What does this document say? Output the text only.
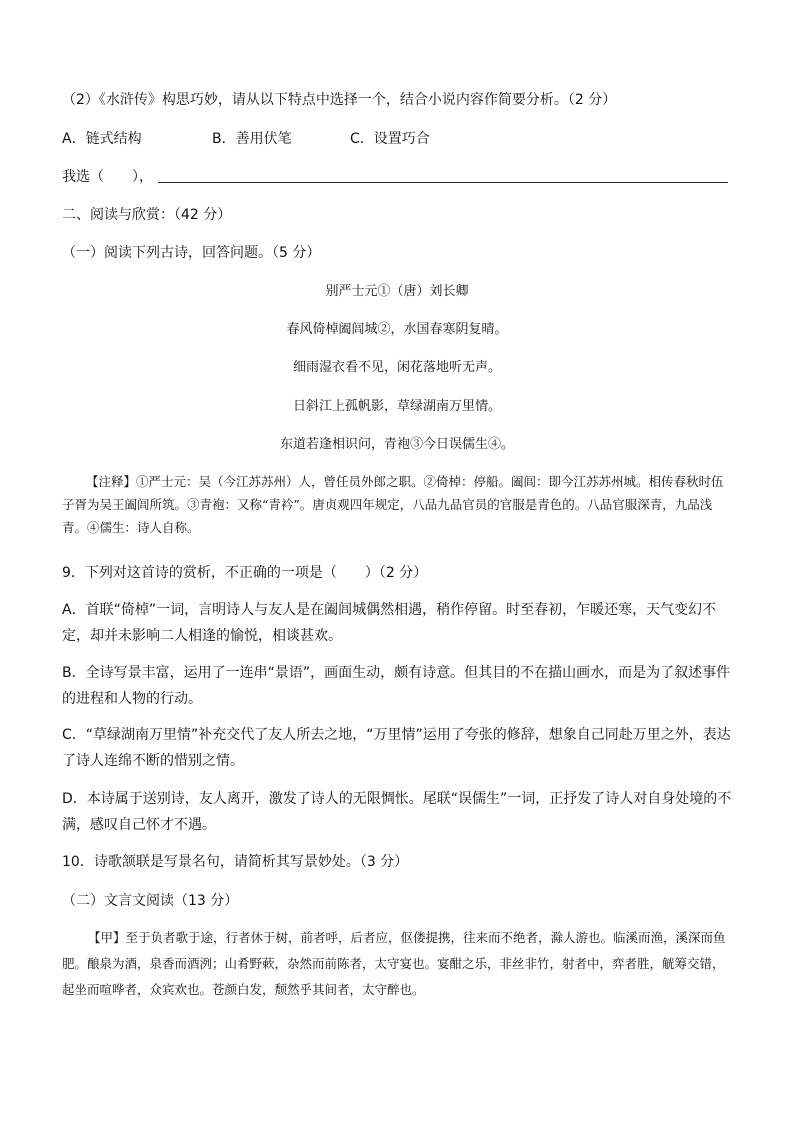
（2）《水浒传》构思巧妙，请从以下特点中选择一个，结合小说内容作简要分析。（2 分）
A．链式结构	B．善用伏笔	C．设置巧合
我选（　　），
二、阅读与欣赏：（42 分）
（一）阅读下列古诗，回答问题。（5 分）
别严士元①（唐）刘长卿
春风倚棹阖闾城②，水国春寒阴复晴。
细雨湿衣看不见，闲花落地听无声。
日斜江上孤帆影，草绿湖南万里情。
东道若逢相识问，青袍③今日误儒生④。
【注释】①严士元：吴（今江苏苏州）人，曾任员外郎之职。②倚棹：停船。阖闾：即今江苏苏州城。相传春秋时伍子胥为吴王阖闾所筑。③青袍：又称“青衿”。唐贞观四年规定，八品九品官员的官服是青色的。八品官服深青，九品浅青。④儒生：诗人自称。
9．下列对这首诗的赏析，不正确的一项是（　　）（2 分）
A．首联“倚棹”一词，言明诗人与友人是在阖闾城偶然相遇，稍作停留。时至春初，乍暖还寒，天气变幻不定，却并未影响二人相逢的愉悦，相谈甚欢。
B．全诗写景丰富，运用了一连串“景语”，画面生动，颇有诗意。但其目的不在描山画水，而是为了叙述事件的进程和人物的行动。
C．“草绿湖南万里情”补充交代了友人所去之地，“万里情”运用了夸张的修辞，想象自己同赴万里之外，表达了诗人连绵不断的惜别之情。
D．本诗属于送别诗，友人离开，激发了诗人的无限惆怅。尾联“误儒生”一词，正抒发了诗人对自身处境的不满，感叹自己怀才不遇。
10．诗歌颔联是写景名句，请简析其写景妙处。（3 分）
（二）文言文阅读（13 分）
【甲】至于负者歌于途，行者休于树，前者呼，后者应，伛偻提携，往来而不绝者，滁人游也。临溪而渔，溪深而鱼肥。酿泉为酒，泉香而酒洌；山肴野蔌，杂然而前陈者，太守宴也。宴酣之乐，非丝非竹，射者中，弈者胜，觥筹交错，起坐而喧哗者，众宾欢也。苍颜白发，颓然乎其间者，太守醉也。
